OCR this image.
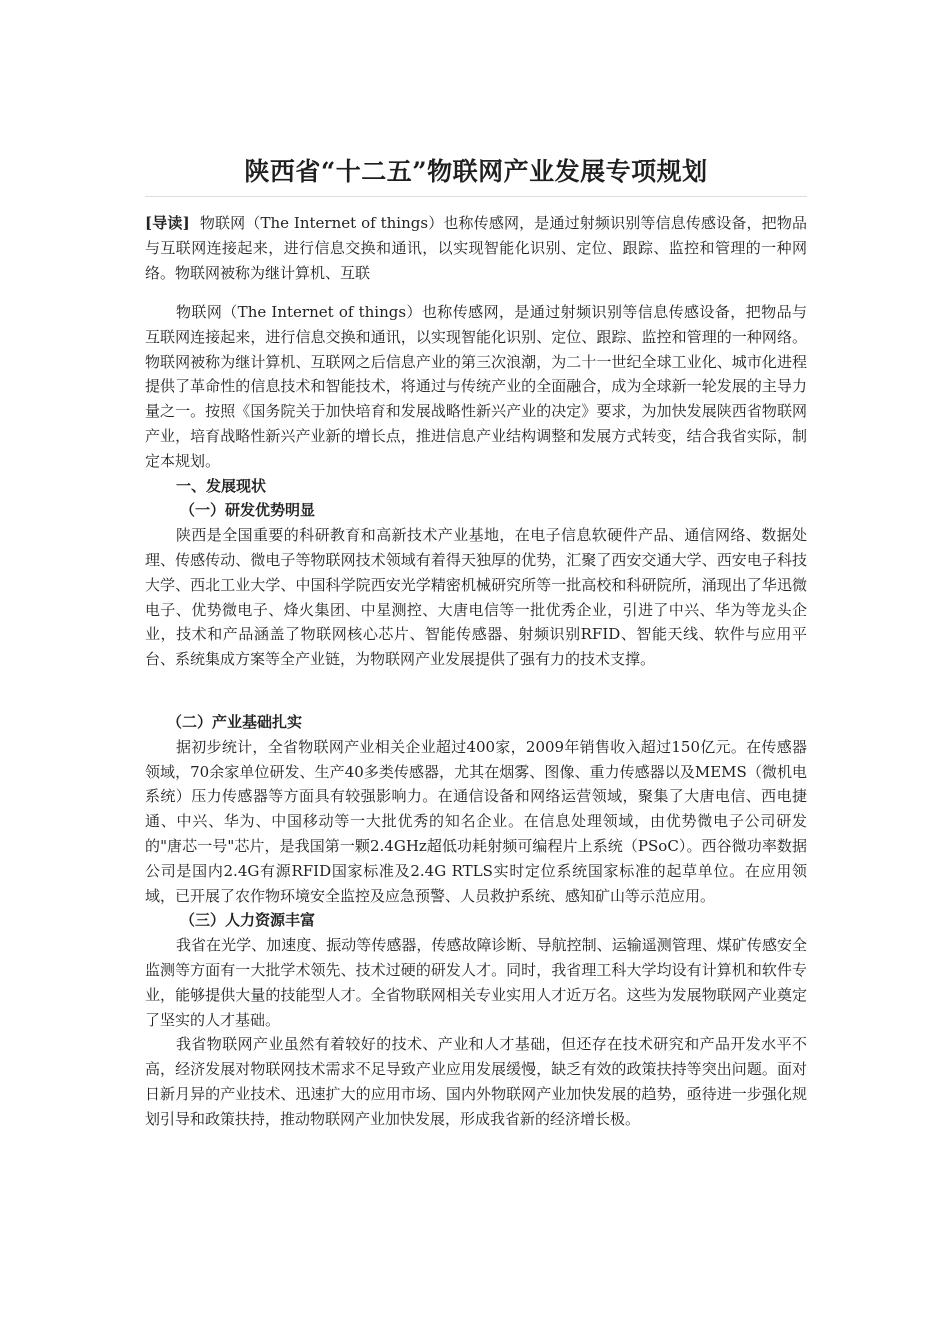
陕西省“十二五”物联网产业发展专项规划
[导读] 物联网（The Internet of things）也称传感网，是通过射频识别等信息传感设备，把物品与互联网连接起来，进行信息交换和通讯，以实现智能化识别、定位、跟踪、监控和管理的一种网络。物联网被称为继计算机、互联

物联网（The Internet of things）也称传感网，是通过射频识别等信息传感设备，把物品与互联网连接起来，进行信息交换和通讯，以实现智能化识别、定位、跟踪、监控和管理的一种网络。物联网被称为继计算机、互联网之后信息产业的第三次浪潮，为二十一世纪全球工业化、城市化进程提供了革命性的信息技术和智能技术，将通过与传统产业的全面融合，成为全球新一轮发展的主导力量之一。按照《国务院关于加快培育和发展战略性新兴产业的决定》要求，为加快发展陕西省物联网产业，培育战略性新兴产业新的增长点，推进信息产业结构调整和发展方式转变，结合我省实际，制定本规划。

一、发展现状
（一）研发优势明显

陕西是全国重要的科研教育和高新技术产业基地，在电子信息软硬件产品、通信网络、数据处理、传感传动、微电子等物联网技术领域有着得天独厚的优势，汇聚了西安交通大学、西安电子科技大学、西北工业大学、中国科学院西安光学精密机械研究所等一批高校和科研院所，涌现出了华迅微电子、优势微电子、烽火集团、中星测控、大唐电信等一批优秀企业，引进了中兴、华为等龙头企业，技术和产品涵盖了物联网核心芯片、智能传感器、射频识别RFID、智能天线、软件与应用平台、系统集成方案等全产业链，为物联网产业发展提供了强有力的技术支撑。

（二）产业基础扎实

据初步统计，全省物联网产业相关企业超过400家，2009年销售收入超过150亿元。在传感器领域，70余家单位研发、生产40多类传感器，尤其在烟雾、图像、重力传感器以及MEMS（微机电系统）压力传感器等方面具有较强影响力。在通信设备和网络运营领域，聚集了大唐电信、西电捷通、中兴、华为、中国移动等一大批优秀的知名企业。在信息处理领域，由优势微电子公司研发的"唐芯一号"芯片，是我国第一颗2.4GHz超低功耗射频可编程片上系统（PSoC）。西谷微功率数据公司是国内2.4G有源RFID国家标准及2.4G RTLS实时定位系统国家标准的起草单位。在应用领域，已开展了农作物环境安全监控及应急预警、人员救护系统、感知矿山等示范应用。

（三）人力资源丰富

我省在光学、加速度、振动等传感器，传感故障诊断、导航控制、运输遥测管理、煤矿传感安全监测等方面有一大批学术领先、技术过硬的研发人才。同时，我省理工科大学均设有计算机和软件专业，能够提供大量的技能型人才。全省物联网相关专业实用人才近万名。这些为发展物联网产业奠定了坚实的人才基础。

我省物联网产业虽然有着较好的技术、产业和人才基础，但还存在技术研究和产品开发水平不高，经济发展对物联网技术需求不足导致产业应用发展缓慢，缺乏有效的政策扶持等突出问题。面对日新月异的产业技术、迅速扩大的应用市场、国内外物联网产业加快发展的趋势，亟待进一步强化规划引导和政策扶持，推动物联网产业加快发展，形成我省新的经济增长极。
